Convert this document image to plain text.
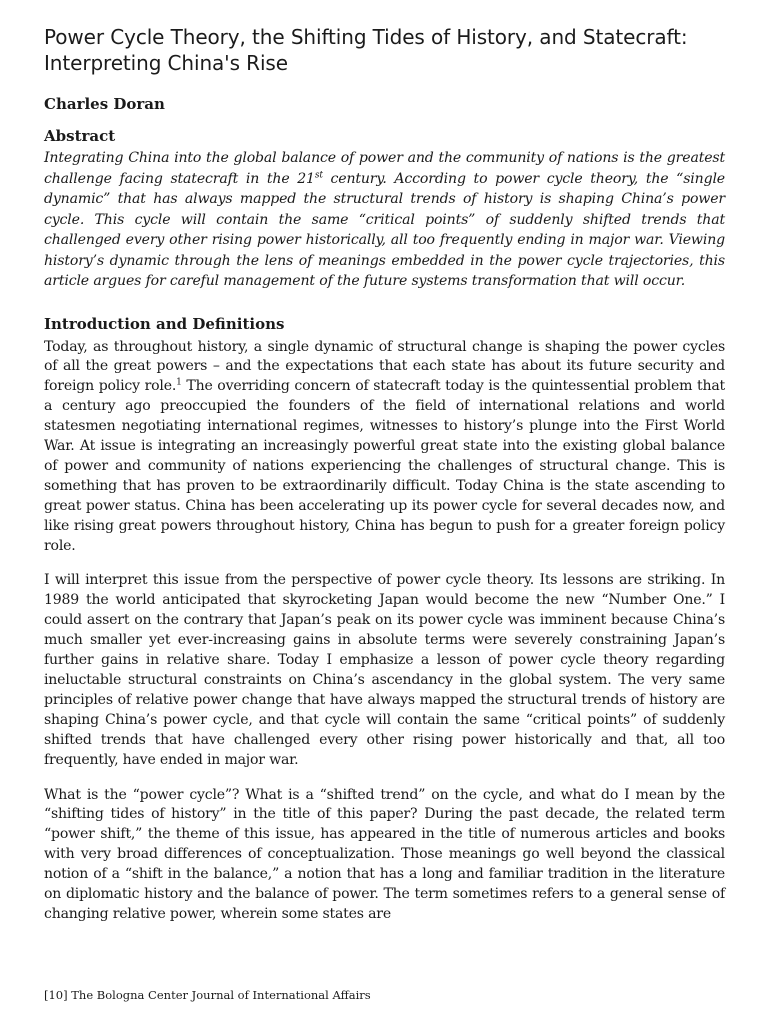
Power Cycle Theory, the Shifting Tides of History, and Statecraft: Interpreting China's Rise
Charles Doran
Abstract

Integrating China into the global balance of power and the community of nations is the greatest challenge facing statecraft in the 21st century. According to power cycle theory, the “single dynamic” that has always mapped the structural trends of history is shaping China’s power cycle. This cycle will contain the same “critical points” of suddenly shifted trends that challenged every other rising power historically, all too frequently ending in major war. Viewing history’s dynamic through the lens of meanings embedded in the power cycle trajectories, this article argues for careful management of the future systems transformation that will occur.

Introduction and Definitions

Today, as throughout history, a single dynamic of structural change is shaping the power cycles of all the great powers – and the expectations that each state has about its future security and foreign policy role.$^1$ The overriding concern of statecraft today is the quintessential problem that a century ago preoccupied the founders of the field of international relations and world statesmen negotiating international regimes, witnesses to history’s plunge into the First World War. At issue is integrating an increasingly powerful great state into the existing global balance of power and community of nations experiencing the challenges of structural change. This is something that has proven to be extraordinarily difficult. Today China is the state ascending to great power status. China has been accelerating up its power cycle for several decades now, and like rising great powers throughout history, China has begun to push for a greater foreign policy role.

I will interpret this issue from the perspective of power cycle theory. Its lessons are striking. In 1989 the world anticipated that skyrocketing Japan would become the new “Number One.” I could assert on the contrary that Japan’s peak on its power cycle was imminent because China’s much smaller yet ever-increasing gains in absolute terms were severely constraining Japan’s further gains in relative share. Today I emphasize a lesson of power cycle theory regarding ineluctable structural constraints on China’s ascendancy in the global system. The very same principles of relative power change that have always mapped the structural trends of history are shaping China’s power cycle, and that cycle will contain the same “critical points” of suddenly shifted trends that have challenged every other rising power historically and that, all too frequently, have ended in major war.

What is the “power cycle”? What is a “shifted trend” on the cycle, and what do I mean by the “shifting tides of history” in the title of this paper? During the past decade, the related term “power shift,” the theme of this issue, has appeared in the title of numerous articles and books with very broad differences of conceptualization. Those meanings go well beyond the classical notion of a “shift in the balance,” a notion that has a long and familiar tradition in the literature on diplomatic history and the balance of power. The term sometimes refers to a general sense of changing relative power, wherein some states are

[10] The Bologna Center Journal of International Affairs
